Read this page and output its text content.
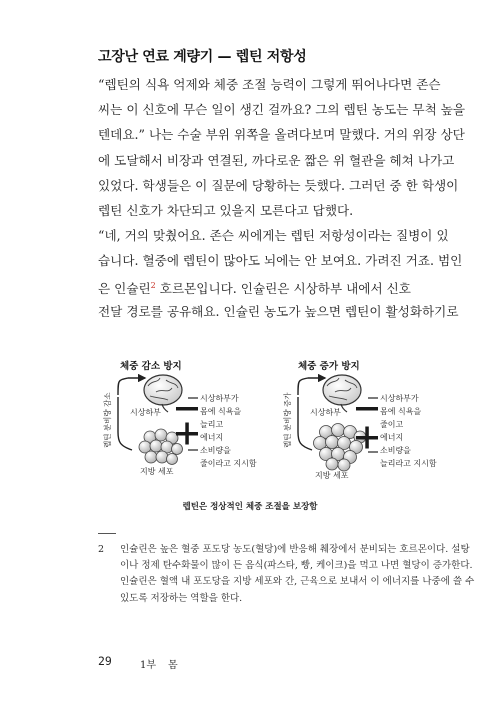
고장난 연료 계량기 — 렙틴 저항성
“렙틴의 식욕 억제와 체중 조절 능력이 그렇게 뛰어나다면 존슨
씨는 이 신호에 무슨 일이 생긴 걸까요? 그의 렙틴 농도는 무척 높을
텐데요.” 나는 수술 부위 위쪽을 올려다보며 말했다. 거의 위장 상단
에 도달해서 비장과 연결된, 까다로운 짧은 위 혈관을 헤쳐 나가고
있었다. 학생들은 이 질문에 당황하는 듯했다. 그러던 중 한 학생이
렙틴 신호가 차단되고 있을지 모른다고 답했다.
“네, 거의 맞췄어요. 존슨 씨에게는 렙틴 저항성이라는 질병이 있
습니다. 혈중에 렙틴이 많아도 뇌에는 안 보여요. 가려진 거죠. 범인
은 인슐린$^2$ 호르몬입니다. 인슐린은 시상하부 내에서 신호
전달 경로를 공유해요. 인슐린 농도가 높으면 렙틴이 활성화하기로
체중 감소 방지
렙틴 분비량 감소 시상하부
지방 세포
시상하부가
몸에 식욕을
늘리고
에너지
소비량을
줄이라고 지시함
체중 증가 방지
렙틴 분비량 증가 시상하부
지방 세포
시상하부가
몸에 식욕을
줄이고
에너지
소비량을
늘리라고 지시함
렙틴은 정상적인 체중 조절을 보장함
2 인슐린은 높은 혈중 포도당 농도(혈당)에 반응해 췌장에서 분비되는 호르몬이다. 설탕
이나 정제 탄수화물이 많이 든 음식(파스타, 빵, 케이크)을 먹고 나면 혈당이 증가한다.
인슐린은 혈액 내 포도당을 지방 세포와 간, 근육으로 보내서 이 에너지를 나중에 쓸 수
있도록 저장하는 역할을 한다.
29	1부 몸
